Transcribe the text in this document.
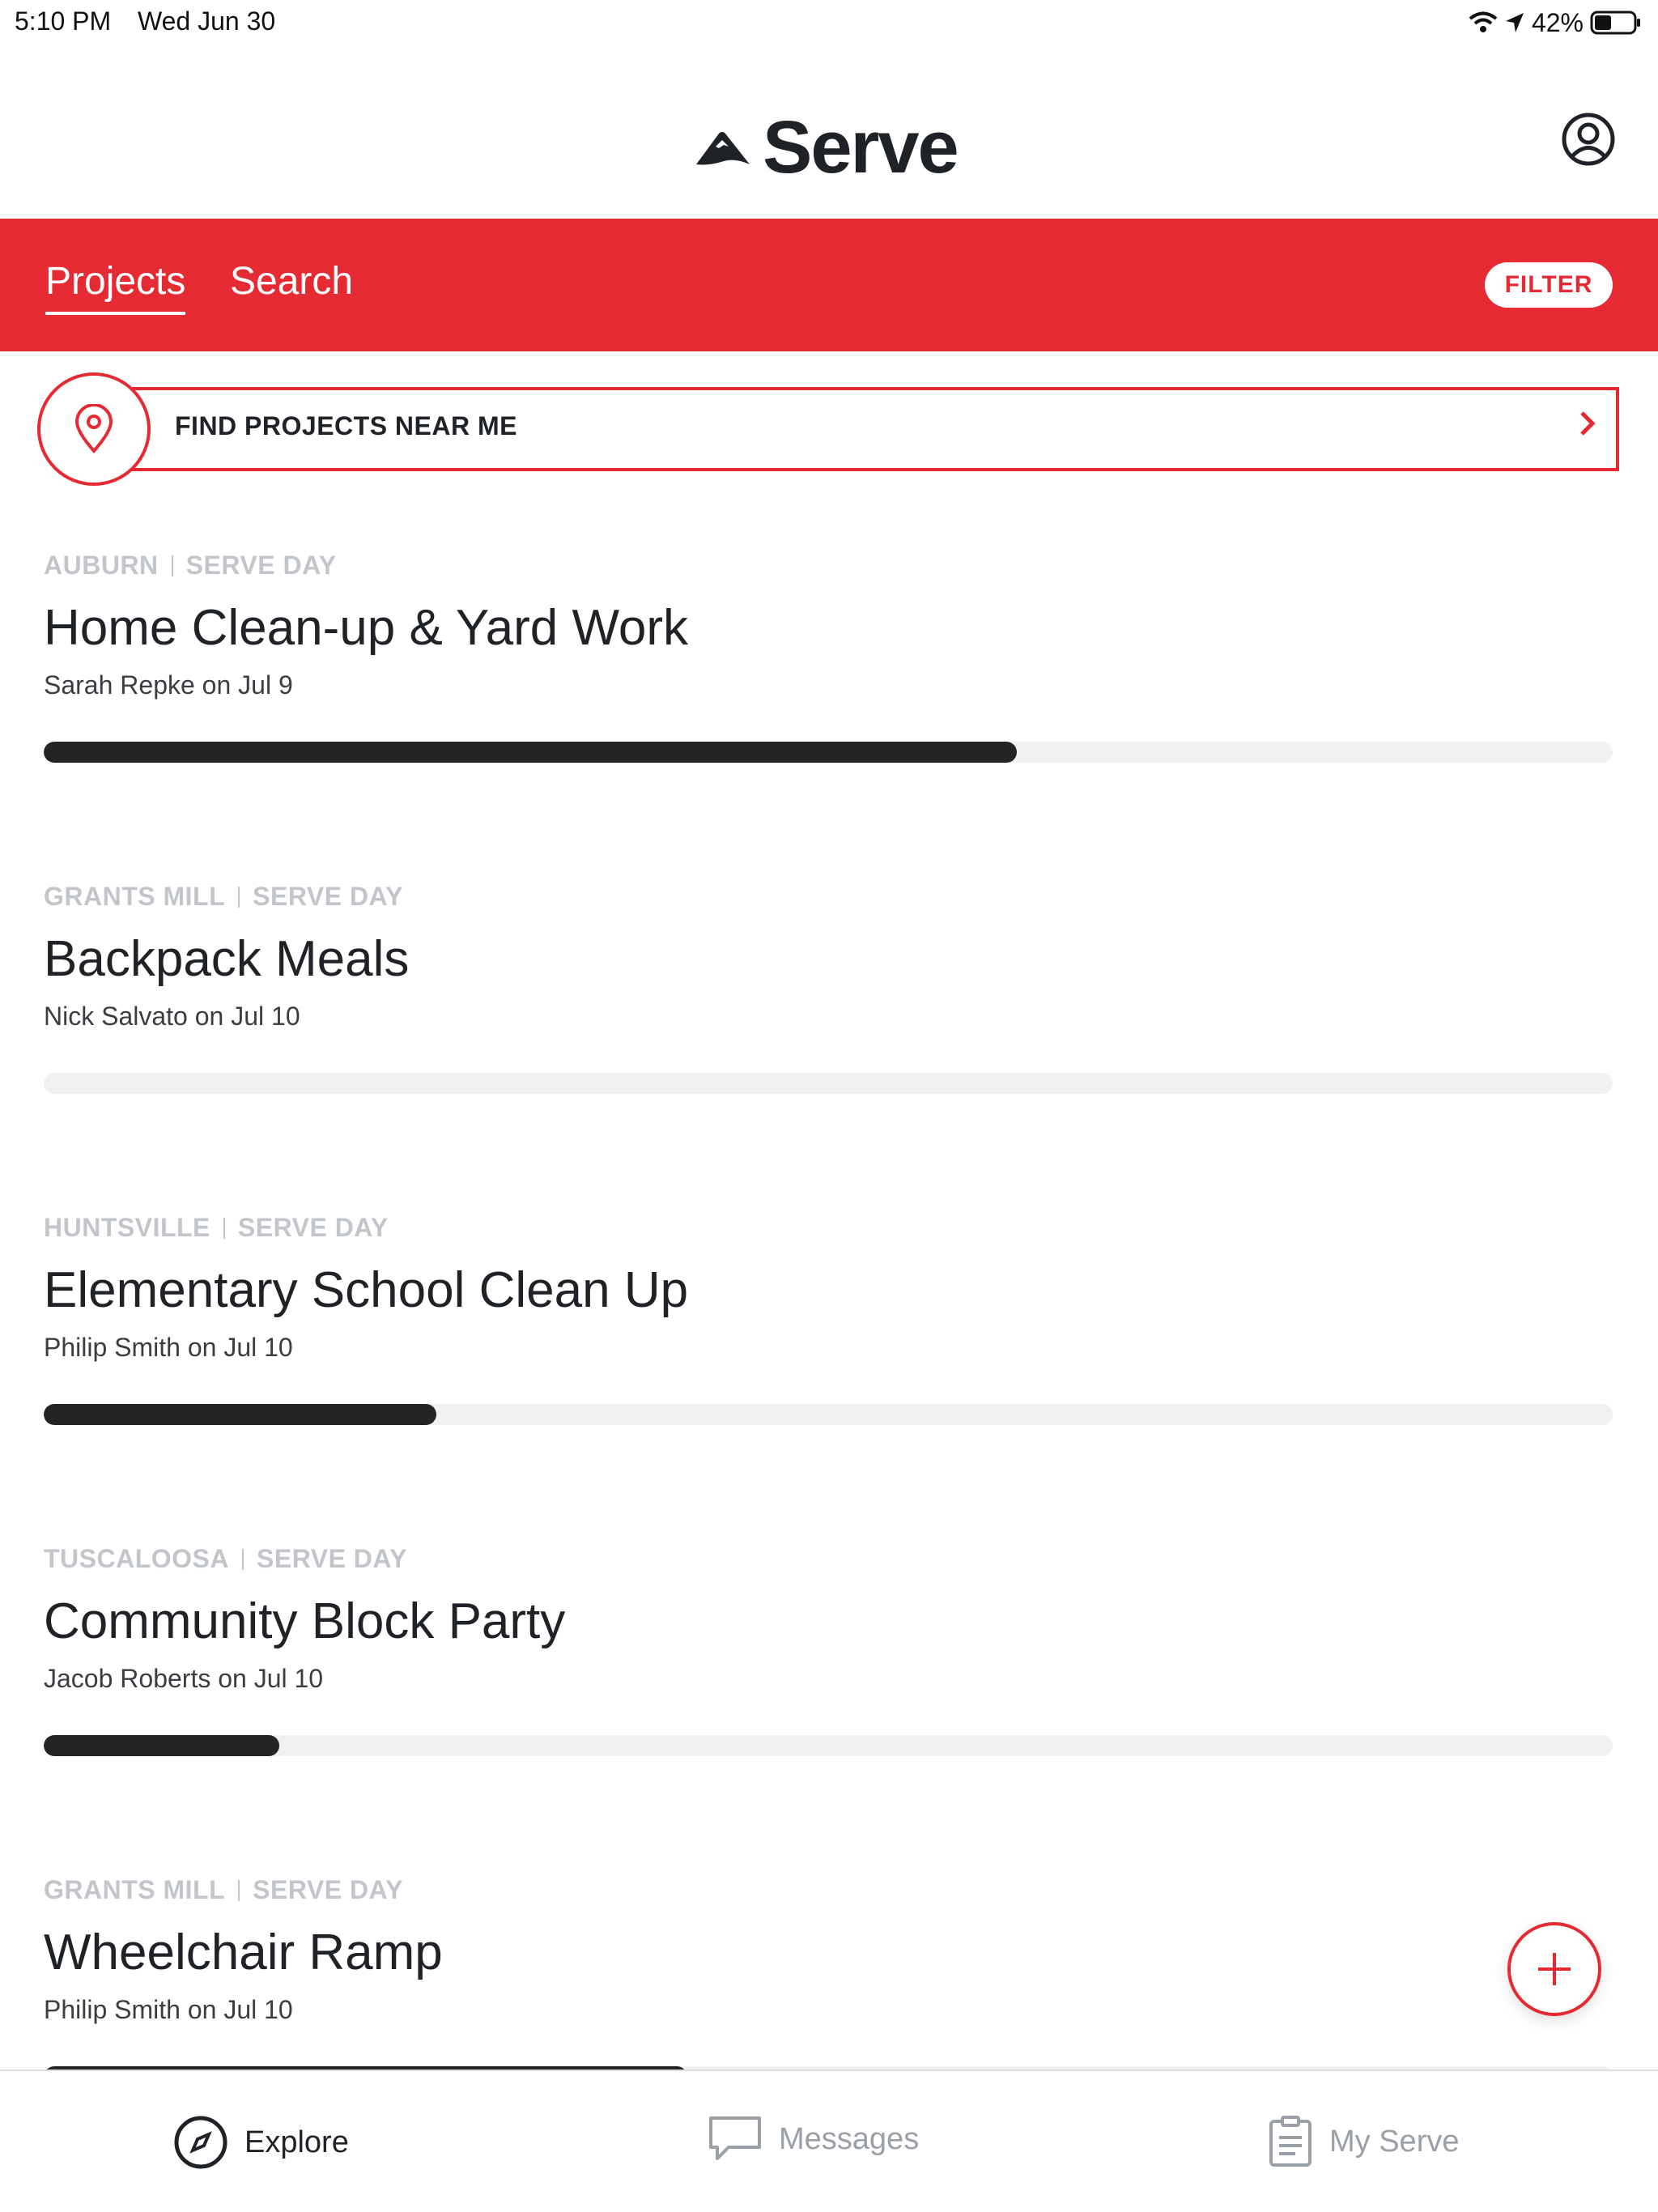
5:10 PM Wed Jun 30	42%
Serve
Projects Search	FILTER
FIND PROJECTS NEAR ME
AUBURN SERVE DAY
Home Clean-up & Yard Work
Sarah Repke on Jul 9
GRANTS MILL SERVE DAY
Backpack Meals
Nick Salvato on Jul 10
HUNTSVILLE SERVE DAY
Elementary School Clean Up
Philip Smith on Jul 10
TUSCALOOSA SERVE DAY
Community Block Party
Jacob Roberts on Jul 10
GRANTS MILL SERVE DAY
Wheelchair Ramp
Philip Smith on Jul 10
Explore	Messages	My Serve
